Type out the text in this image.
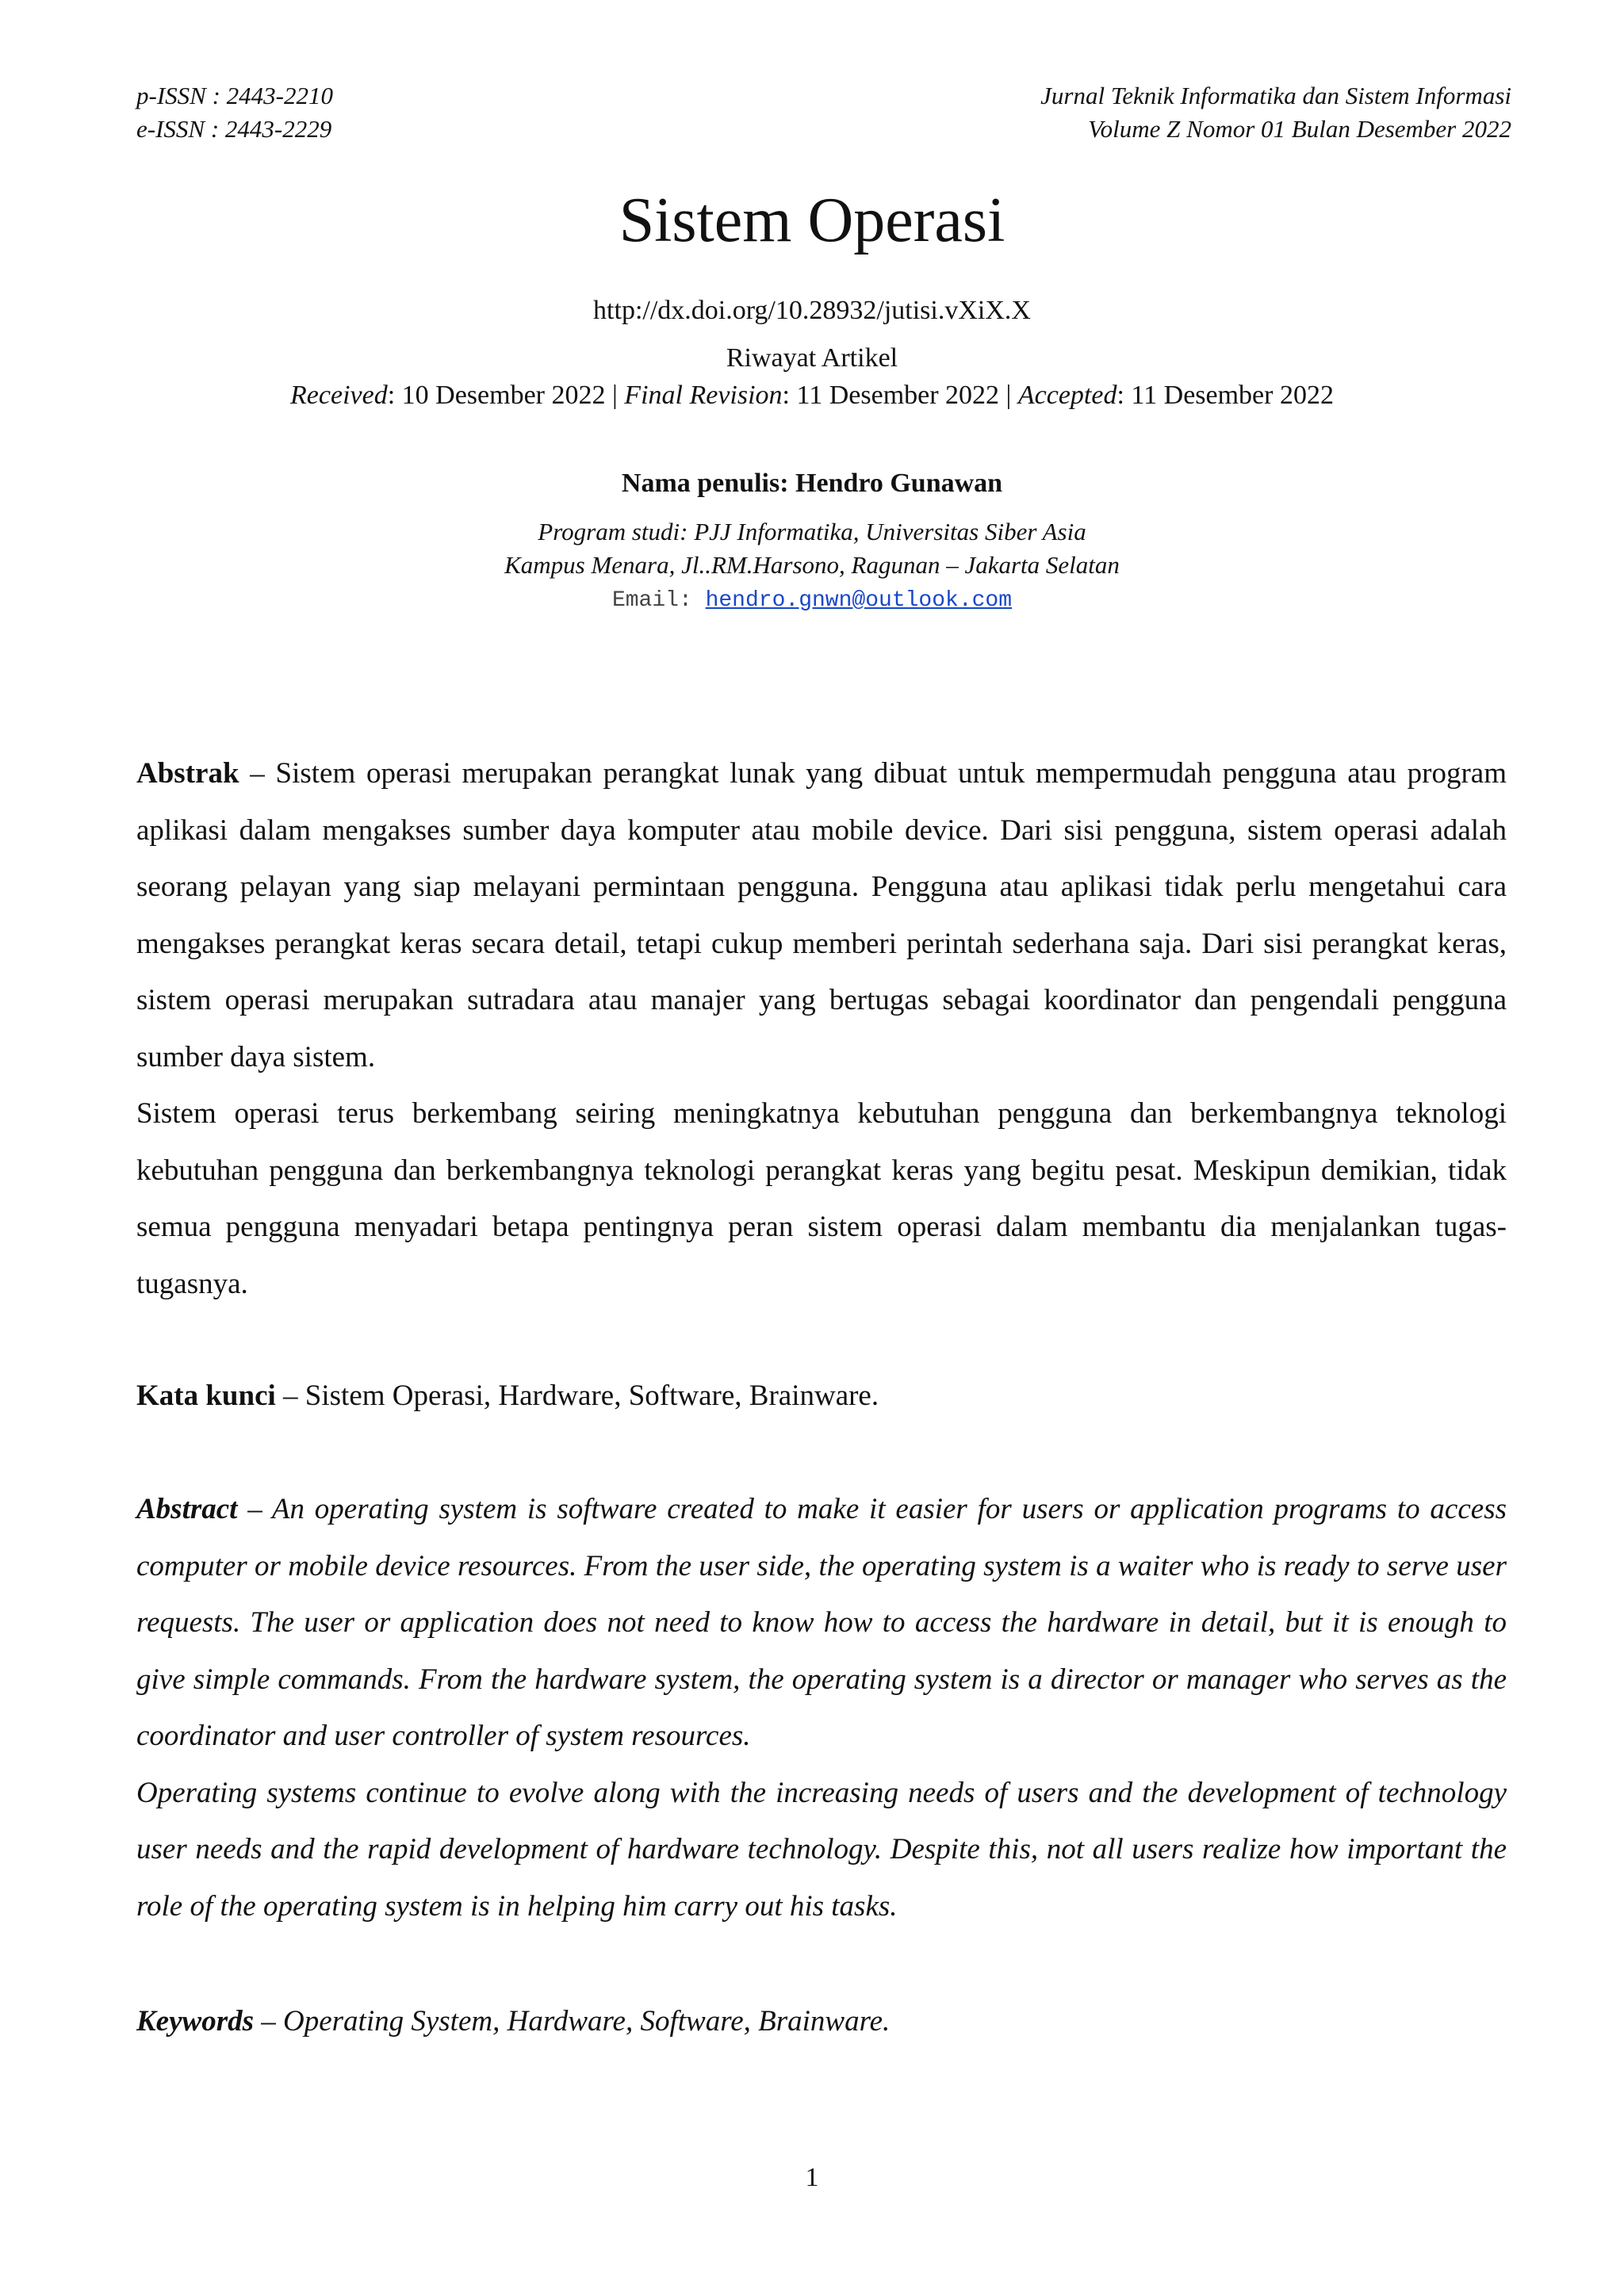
p-ISSN : 2443-2210
e-ISSN : 2443-2229
Jurnal Teknik Informatika dan Sistem Informasi
Volume Z Nomor 01 Bulan Desember 2022
Sistem Operasi
http://dx.doi.org/10.28932/jutisi.vXiX.X
Riwayat Artikel
Received: 10 Desember 2022 | Final Revision: 11 Desember 2022 | Accepted: 11 Desember 2022
Nama penulis: Hendro Gunawan
Program studi: PJJ Informatika, Universitas Siber Asia
Kampus Menara, Jl..RM.Harsono, Ragunan – Jakarta Selatan
Email: hendro.gnwn@outlook.com

Abstrak – Sistem operasi merupakan perangkat lunak yang dibuat untuk mempermudah pengguna atau program aplikasi dalam mengakses sumber daya komputer atau mobile device. Dari sisi pengguna, sistem operasi adalah seorang pelayan yang siap melayani permintaan pengguna. Pengguna atau aplikasi tidak perlu mengetahui cara mengakses perangkat keras secara detail, tetapi cukup memberi perintah sederhana saja. Dari sisi perangkat keras, sistem operasi merupakan sutradara atau manajer yang bertugas sebagai koordinator dan pengendali pengguna sumber daya sistem.

Sistem operasi terus berkembang seiring meningkatnya kebutuhan pengguna dan berkembangnya teknologi kebutuhan pengguna dan berkembangnya teknologi perangkat keras yang begitu pesat. Meskipun demikian, tidak semua pengguna menyadari betapa pentingnya peran sistem operasi dalam membantu dia menjalankan tugas-tugasnya.

Kata kunci – Sistem Operasi, Hardware, Software, Brainware.

Abstract – An operating system is software created to make it easier for users or application programs to access computer or mobile device resources. From the user side, the operating system is a waiter who is ready to serve user requests. The user or application does not need to know how to access the hardware in detail, but it is enough to give simple commands. From the hardware system, the operating system is a director or manager who serves as the coordinator and user controller of system resources.

Operating systems continue to evolve along with the increasing needs of users and the development of technology user needs and the rapid development of hardware technology. Despite this, not all users realize how important the role of the operating system is in helping him carry out his tasks.

Keywords – Operating System, Hardware, Software, Brainware.

1
